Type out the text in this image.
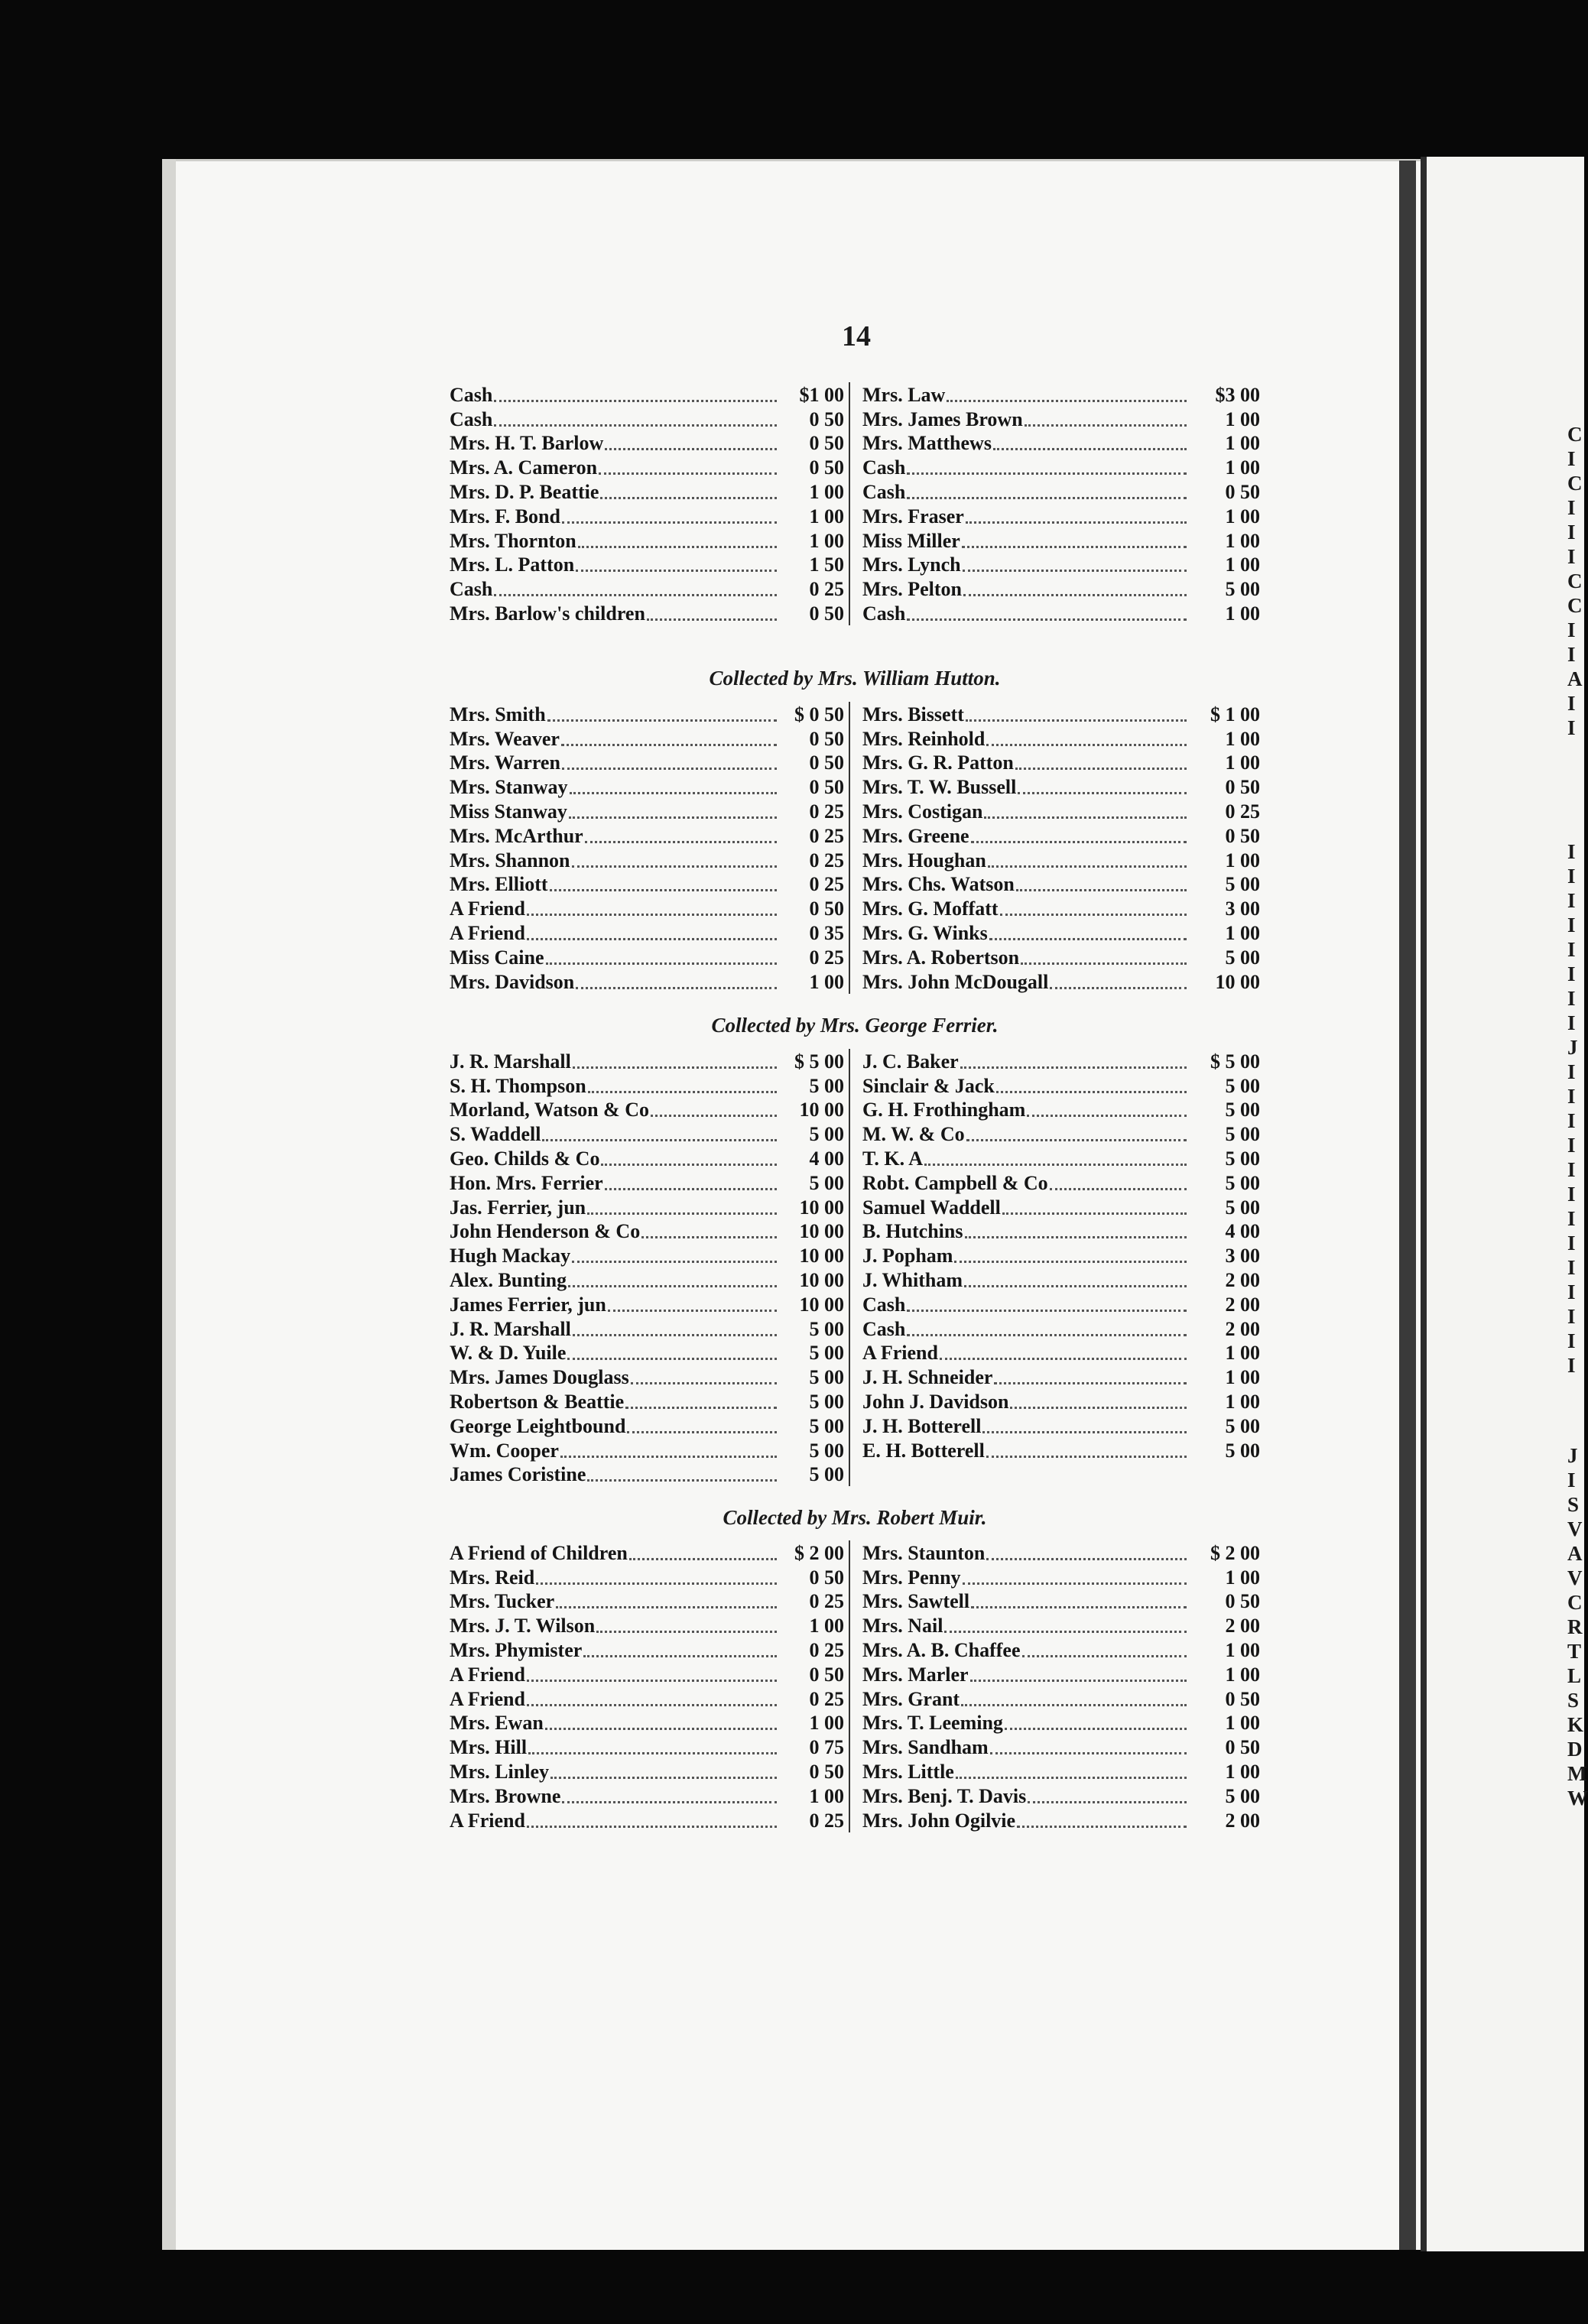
C
I
C
I
I
I
C
C
I
I
A
I
I
I
I
I
I
I
I
I
I
J
I
I
I
I
I
I
I
I
I
I
I
I
I
J
I
S
V
A
V
C
R
T
L
S
K
D
M
W
14
Cash	$1 00
Cash	0 50
Mrs. H. T. Barlow	0 50
Mrs. A. Cameron	0 50
Mrs. D. P. Beattie	1 00
Mrs. F. Bond	1 00
Mrs. Thornton	1 00
Mrs. L. Patton	1 50
Cash	0 25
Mrs. Barlow's children	0 50
Mrs. Law	$3 00
Mrs. James Brown	1 00
Mrs. Matthews	1 00
Cash	1 00
Cash	0 50
Mrs. Fraser	1 00
Miss Miller	1 00
Mrs. Lynch	1 00
Mrs. Pelton	5 00
Cash	1 00
Collected by Mrs. William Hutton.
Mrs. Smith	$ 0 50
Mrs. Weaver	0 50
Mrs. Warren	0 50
Mrs. Stanway	0 50
Miss Stanway	0 25
Mrs. McArthur	0 25
Mrs. Shannon	0 25
Mrs. Elliott	0 25
A Friend	0 50
A Friend	0 35
Miss Caine	0 25
Mrs. Davidson	1 00
Mrs. Bissett	$ 1 00
Mrs. Reinhold	1 00
Mrs. G. R. Patton	1 00
Mrs. T. W. Bussell	0 50
Mrs. Costigan	0 25
Mrs. Greene	0 50
Mrs. Houghan	1 00
Mrs. Chs. Watson	5 00
Mrs. G. Moffatt	3 00
Mrs. G. Winks	1 00
Mrs. A. Robertson	5 00
Mrs. John McDougall	10 00
Collected by Mrs. George Ferrier.
J. R. Marshall	$ 5 00
S. H. Thompson	5 00
Morland, Watson & Co	10 00
S. Waddell	5 00
Geo. Childs & Co	4 00
Hon. Mrs. Ferrier	5 00
Jas. Ferrier, jun	10 00
John Henderson & Co	10 00
Hugh Mackay	10 00
Alex. Bunting	10 00
James Ferrier, jun	10 00
J. R. Marshall	5 00
W. & D. Yuile	5 00
Mrs. James Douglass	5 00
Robertson & Beattie	5 00
George Leightbound	5 00
Wm. Cooper	5 00
James Coristine	5 00
J. C. Baker	$ 5 00
Sinclair & Jack	5 00
G. H. Frothingham	5 00
M. W. & Co	5 00
T. K. A	5 00
Robt. Campbell & Co	5 00
Samuel Waddell	5 00
B. Hutchins	4 00
J. Popham	3 00
J. Whitham	2 00
Cash	2 00
Cash	2 00
A Friend	1 00
J. H. Schneider	1 00
John J. Davidson	1 00
J. H. Botterell	5 00
E. H. Botterell	5 00
Collected by Mrs. Robert Muir.
A Friend of Children	$ 2 00
Mrs. Reid	0 50
Mrs. Tucker	0 25
Mrs. J. T. Wilson	1 00
Mrs. Phymister	0 25
A Friend	0 50
A Friend	0 25
Mrs. Ewan	1 00
Mrs. Hill	0 75
Mrs. Linley	0 50
Mrs. Browne	1 00
A Friend	0 25
Mrs. Staunton	$ 2 00
Mrs. Penny	1 00
Mrs. Sawtell	0 50
Mrs. Nail	2 00
Mrs. A. B. Chaffee	1 00
Mrs. Marler	1 00
Mrs. Grant	0 50
Mrs. T. Leeming	1 00
Mrs. Sandham	0 50
Mrs. Little	1 00
Mrs. Benj. T. Davis	5 00
Mrs. John Ogilvie	2 00
